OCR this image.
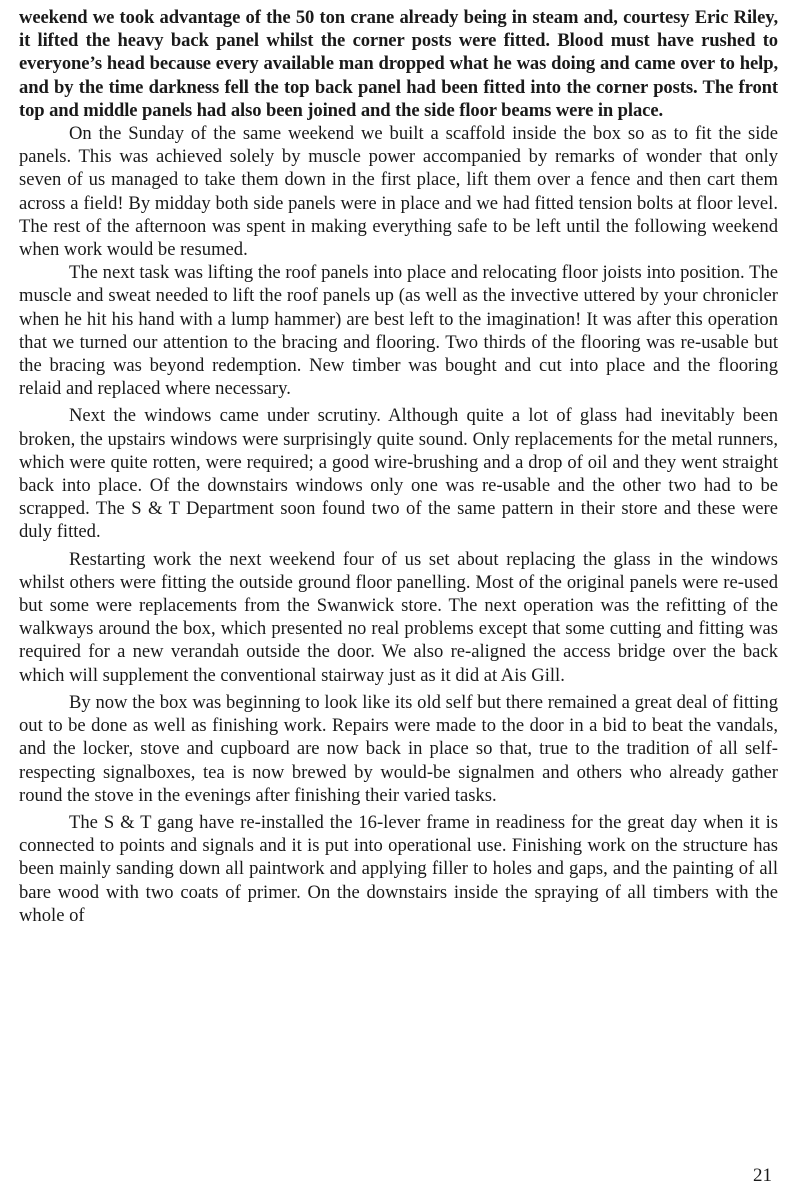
weekend we took advantage of the 50 ton crane already being in steam and, courtesy Eric Riley, it lifted the heavy back panel whilst the corner posts were fitted. Blood must have rushed to everyone’s head because every available man dropped what he was doing and came over to help, and by the time darkness fell the top back panel had been fitted into the corner posts. The front top and middle panels had also been joined and the side floor beams were in place.

On the Sunday of the same weekend we built a scaffold inside the box so as to fit the side panels. This was achieved solely by muscle power accompanied by remarks of wonder that only seven of us managed to take them down in the first place, lift them over a fence and then cart them across a field! By midday both side panels were in place and we had fitted tension bolts at floor level. The rest of the afternoon was spent in making everything safe to be left until the following weekend when work would be resumed.

The next task was lifting the roof panels into place and relocating floor joists into position. The muscle and sweat needed to lift the roof panels up (as well as the invective uttered by your chronicler when he hit his hand with a lump hammer) are best left to the imagination! It was after this operation that we turned our attention to the bracing and flooring. Two thirds of the flooring was re-usable but the bracing was beyond redemption. New timber was bought and cut into place and the flooring relaid and replaced where necessary.

Next the windows came under scrutiny. Although quite a lot of glass had inevitably been broken, the upstairs windows were surprisingly quite sound. Only replacements for the metal runners, which were quite rotten, were required; a good wire-brushing and a drop of oil and they went straight back into place. Of the downstairs windows only one was re-usable and the other two had to be scrapped. The S & T Department soon found two of the same pattern in their store and these were duly fitted.

Restarting work the next weekend four of us set about replacing the glass in the windows whilst others were fitting the outside ground floor panelling. Most of the original panels were re-used but some were replacements from the Swanwick store. The next operation was the refitting of the walkways around the box, which presented no real problems except that some cutting and fitting was required for a new verandah outside the door. We also re-aligned the access bridge over the back which will supplement the conventional stairway just as it did at Ais Gill.

By now the box was beginning to look like its old self but there remained a great deal of fitting out to be done as well as finishing work. Repairs were made to the door in a bid to beat the vandals, and the locker, stove and cupboard are now back in place so that, true to the tradition of all self-respecting signalboxes, tea is now brewed by would-be signalmen and others who already gather round the stove in the evenings after finishing their varied tasks.

The S & T gang have re-installed the 16-lever frame in readiness for the great day when it is connected to points and signals and it is put into operational use. Finishing work on the structure has been mainly sanding down all paintwork and applying filler to holes and gaps, and the painting of all bare wood with two coats of primer. On the downstairs inside the spraying of all timbers with the whole of

21
